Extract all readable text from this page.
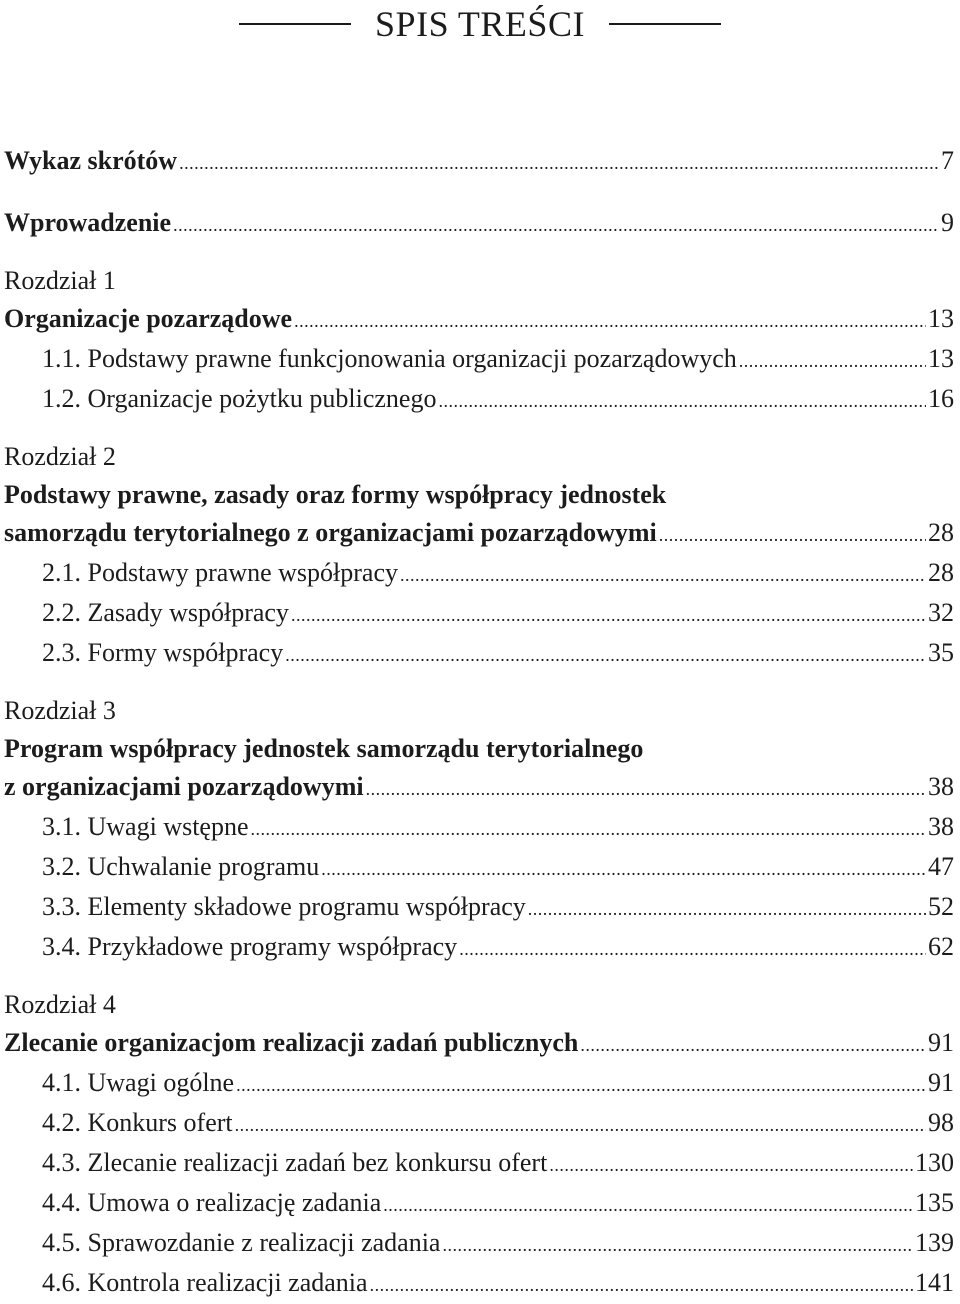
SPIS TREŚCI
Wykaz skrótów .....	7
Wprowadzenie .....	9
Rozdział 1
Organizacje pozarządowe .....	13
1.1. Podstawy prawne funkcjonowania organizacji pozarządowych .....	13
1.2. Organizacje pożytku publicznego .....	16
Rozdział 2
Podstawy prawne, zasady oraz formy współpracy jednostek
samorządu terytorialnego z organizacjami pozarządowymi .....	28
2.1. Podstawy prawne współpracy .....	28
2.2. Zasady współpracy .....	32
2.3. Formy współpracy .....	35
Rozdział 3
Program współpracy jednostek samorządu terytorialnego
z organizacjami pozarządowymi .....	38
3.1. Uwagi wstępne .....	38
3.2. Uchwalanie programu .....	47
3.3. Elementy składowe programu współpracy .....	52
3.4. Przykładowe programy współpracy .....	62
Rozdział 4
Zlecanie organizacjom realizacji zadań publicznych .....	91
4.1. Uwagi ogólne .....	91
4.2. Konkurs ofert .....	98
4.3. Zlecanie realizacji zadań bez konkursu ofert .....	130
4.4. Umowa o realizację zadania .....	135
4.5. Sprawozdanie z realizacji zadania .....	139
4.6. Kontrola realizacji zadania .....	141
